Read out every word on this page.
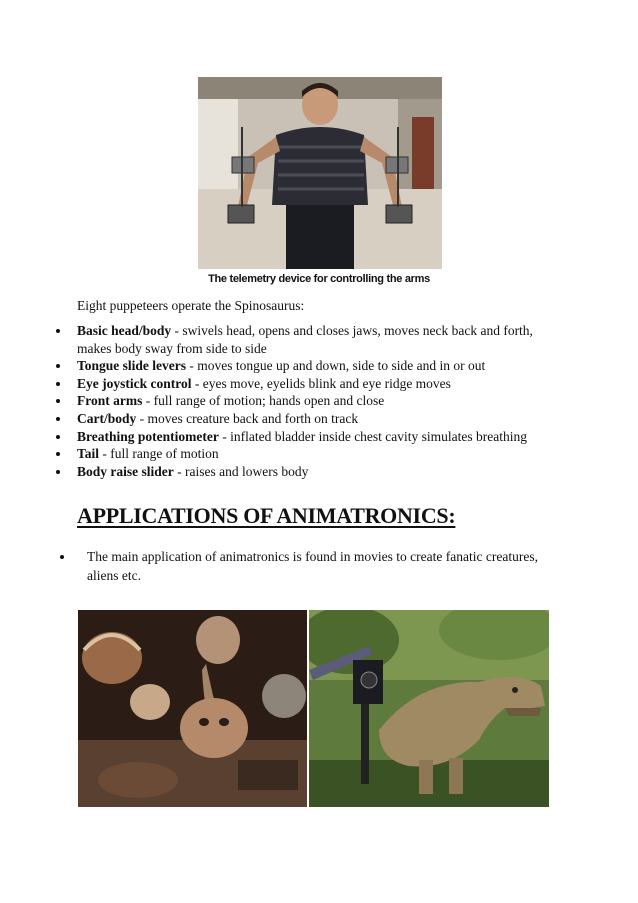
The telemetry device for controlling the arms
Eight puppeteers operate the Spinosaurus:
Basic head/body - swivels head, opens and closes jaws, moves neck back and forth, makes body sway from side to side
Tongue slide levers - moves tongue up and down, side to side and in or out
Eye joystick control - eyes move, eyelids blink and eye ridge moves
Front arms - full range of motion; hands open and close
Cart/body - moves creature back and forth on track
Breathing potentiometer - inflated bladder inside chest cavity simulates breathing
Tail - full range of motion
Body raise slider - raises and lowers body
APPLICATIONS OF ANIMATRONICS:
The main application of animatronics is found in movies to create fanatic creatures, aliens etc.
